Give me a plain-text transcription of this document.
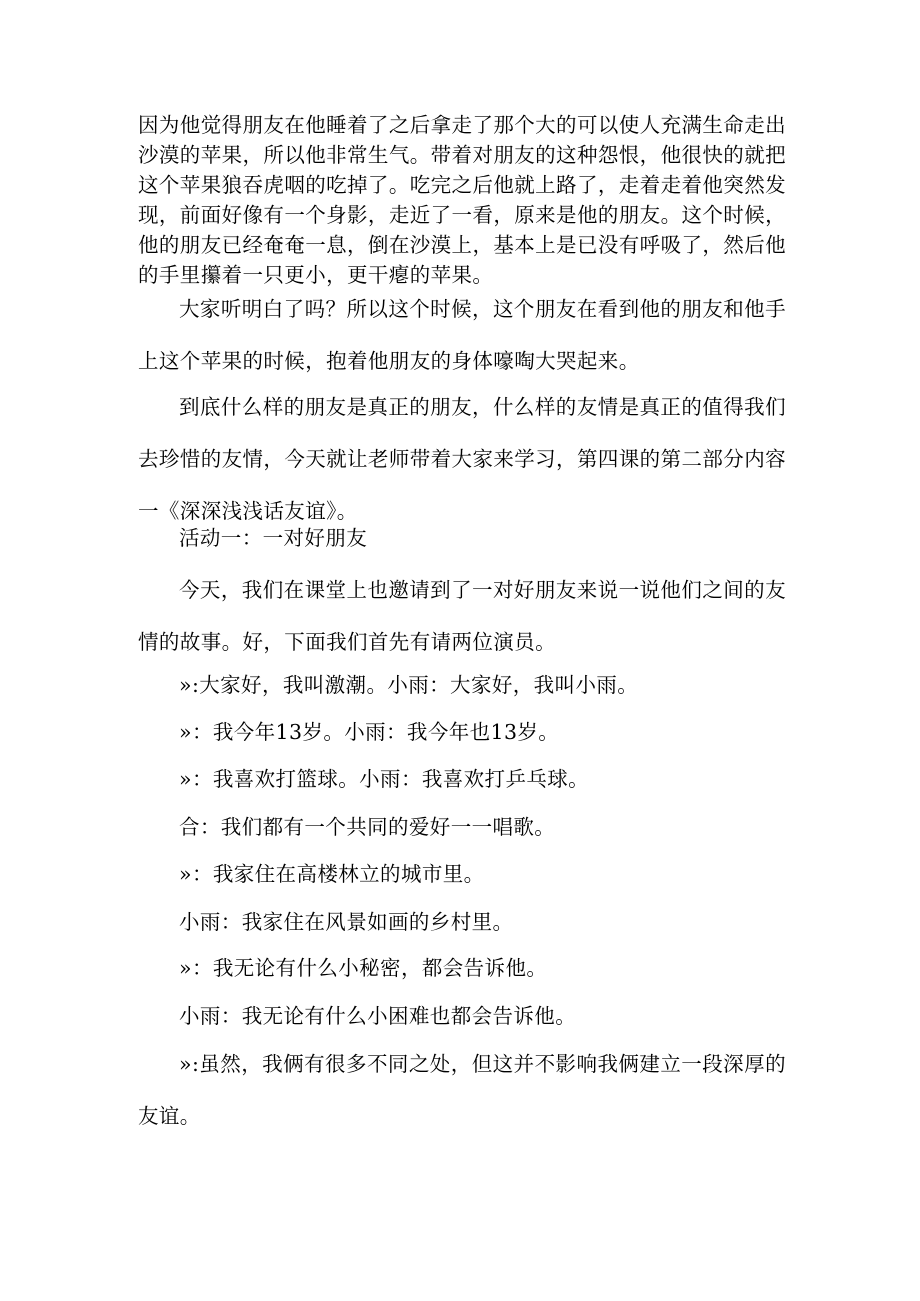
因为他觉得朋友在他睡着了之后拿走了那个大的可以使人充满生命走出沙漠的苹果，所以他非常生气。带着对朋友的这种怨恨，他很快的就把这个苹果狼吞虎咽的吃掉了。吃完之后他就上路了，走着走着他突然发现，前面好像有一个身影，走近了一看，原来是他的朋友。这个时候，他的朋友已经奄奄一息，倒在沙漠上，基本上是已没有呼吸了，然后他的手里攥着一只更小，更干瘪的苹果。

大家听明白了吗？所以这个时候，这个朋友在看到他的朋友和他手上这个苹果的时候，抱着他朋友的身体嚎啕大哭起来。

到底什么样的朋友是真正的朋友，什么样的友情是真正的值得我们去珍惜的友情，今天就让老师带着大家来学习，第四课的第二部分内容一《深深浅浅话友谊》。

活动一：一对好朋友

今天，我们在课堂上也邀请到了一对好朋友来说一说他们之间的友情的故事。好，下面我们首先有请两位演员。

»:大家好，我叫激潮。小雨：大家好，我叫小雨。

»：我今年13岁。小雨：我今年也13岁。

»：我喜欢打篮球。小雨：我喜欢打乒乓球。

合：我们都有一个共同的爱好一一唱歌。

»：我家住在高楼林立的城市里。

小雨：我家住在风景如画的乡村里。

»：我无论有什么小秘密，都会告诉他。

小雨：我无论有什么小困难也都会告诉他。

»:虽然，我俩有很多不同之处，但这并不影响我俩建立一段深厚的友谊。
